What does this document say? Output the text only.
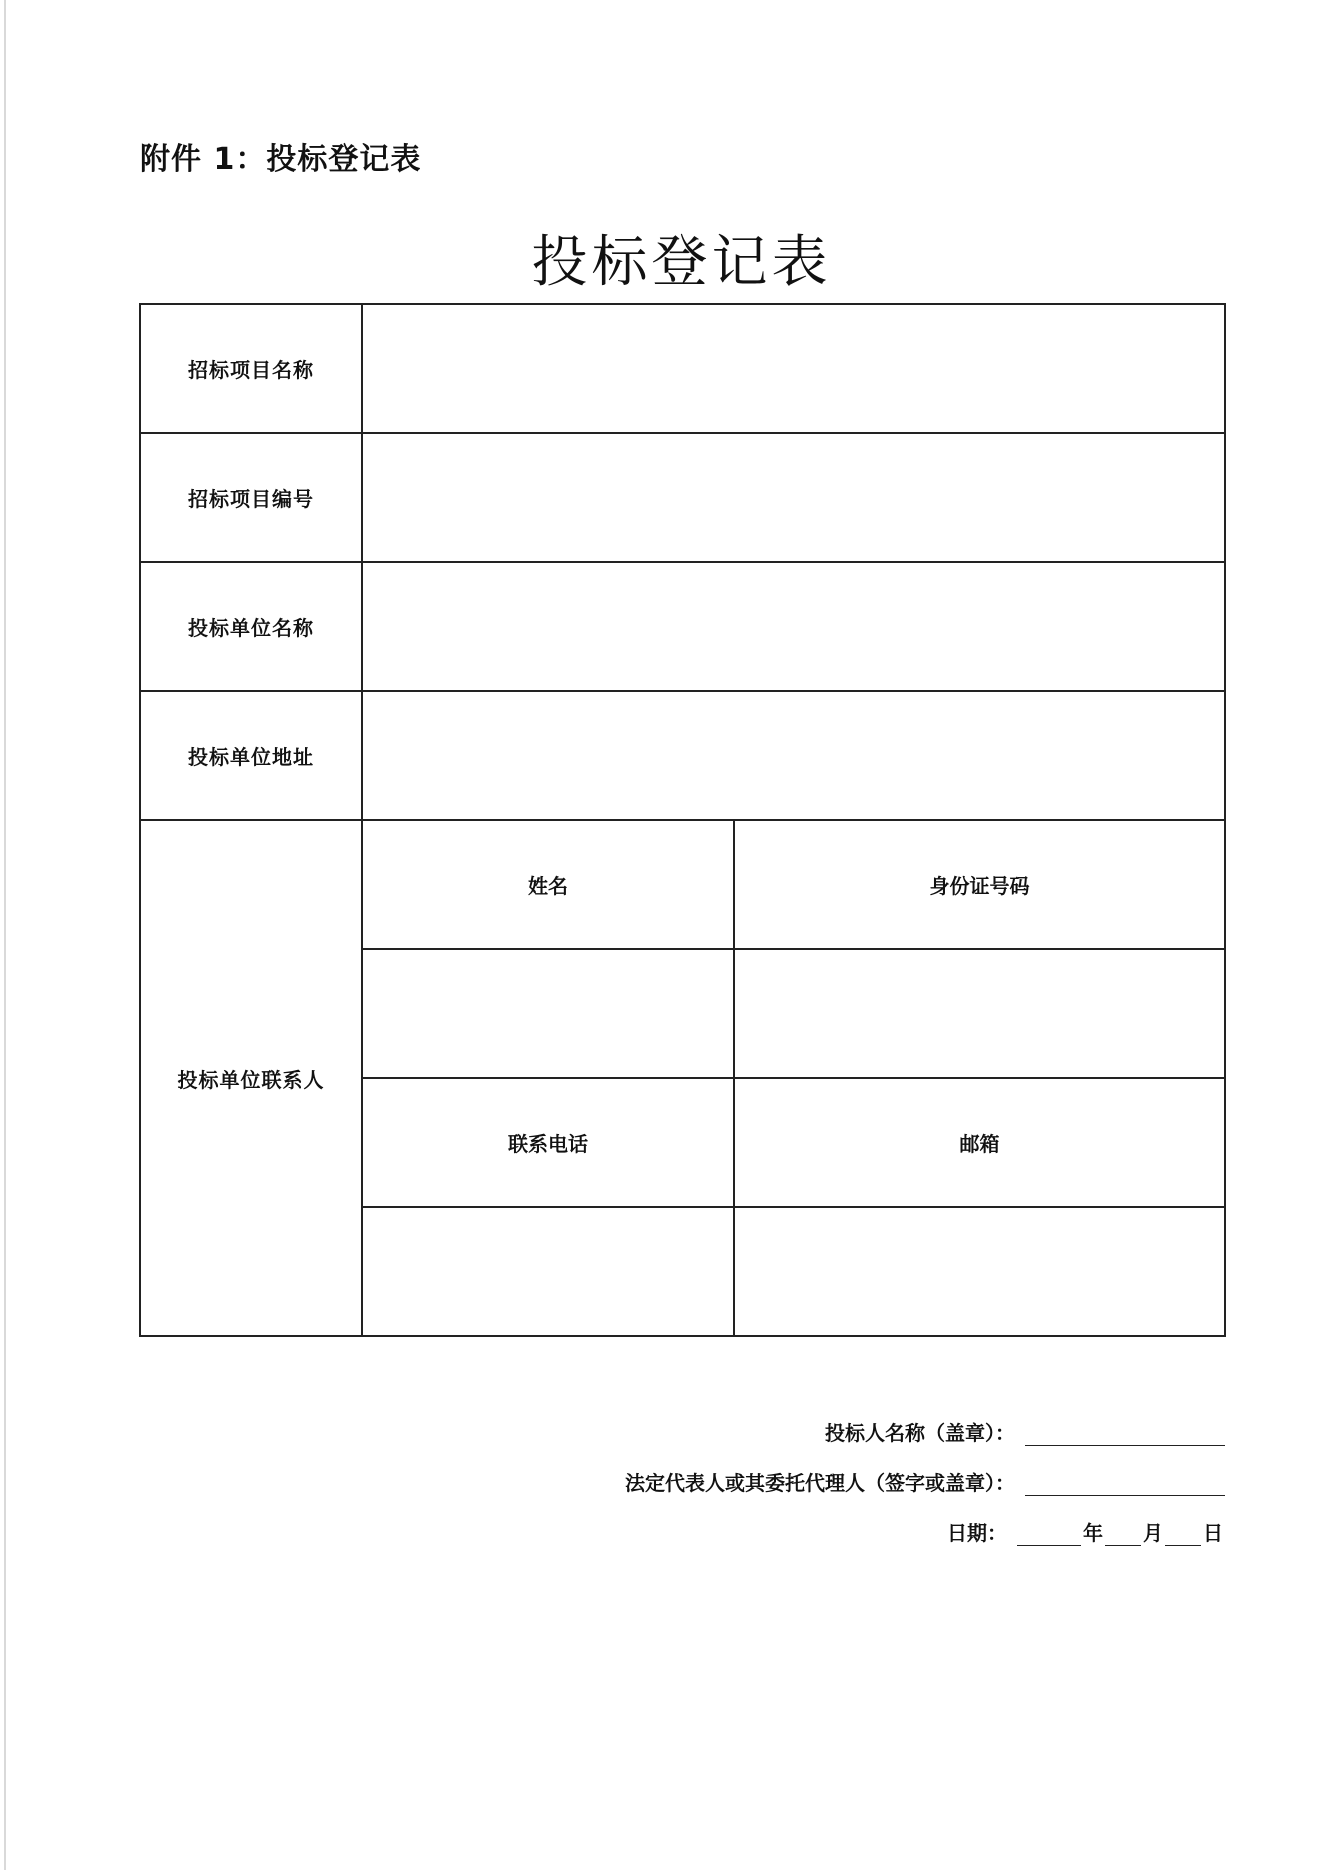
附件 1：投标登记表
投标登记表
招标项目名称		
招标项目编号		
投标单位名称		
投标单位地址		
投标单位联系人	姓名	身份证号码

	联系电话	邮箱

投标人名称（盖章）：
法定代表人或其委托代理人（签字或盖章）：
日期：	年 月 日
